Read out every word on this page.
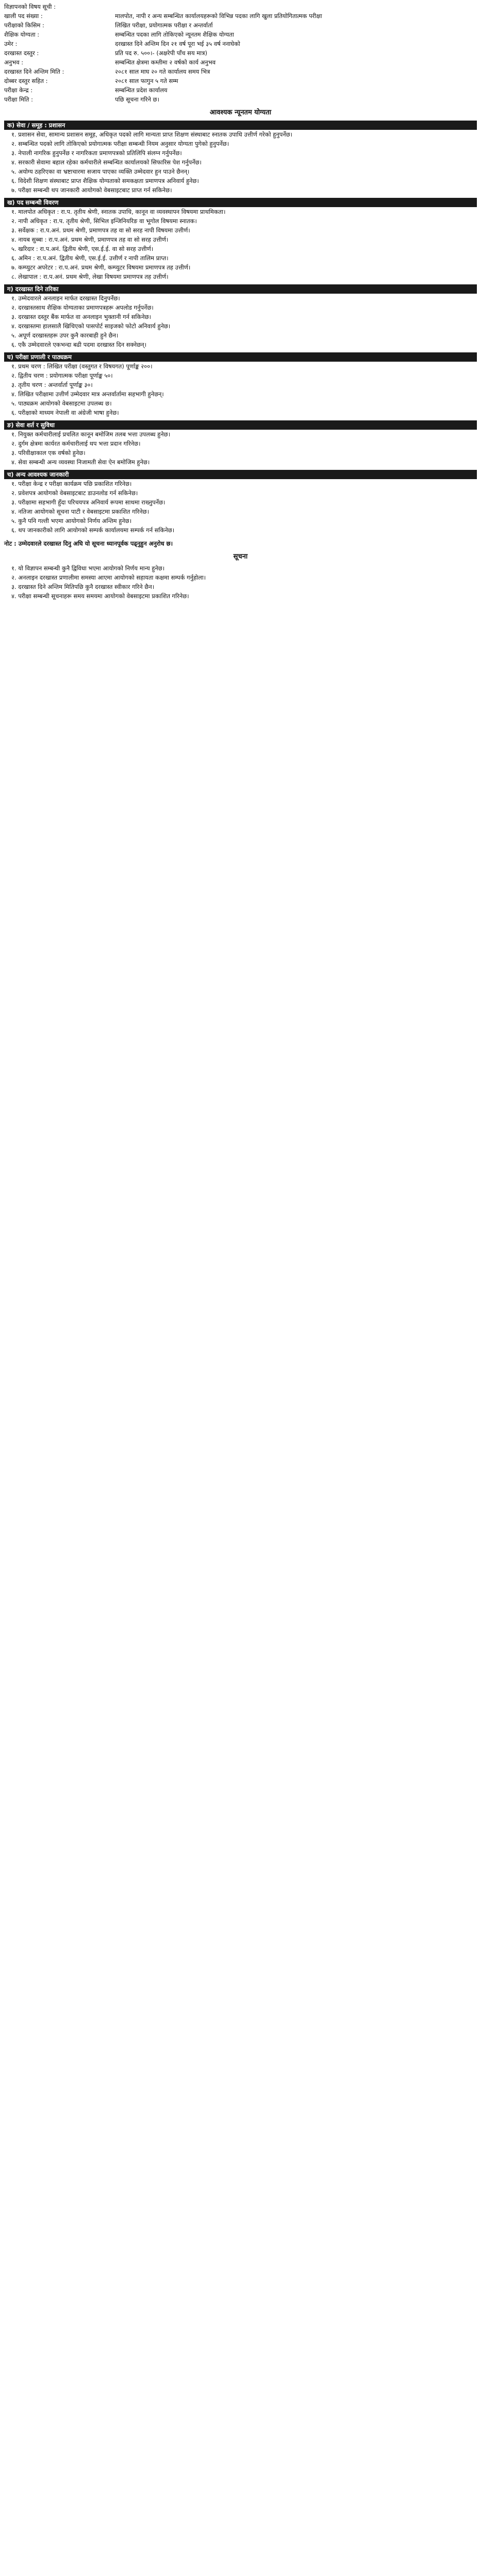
विज्ञापनको विषय सूची :
खाली पद संख्या :	मालपोत, नापी र अन्य सम्बन्धित कार्यालयहरूको विभिन्न पदका लागि खुला प्रतियोगितात्मक परीक्षा
परीक्षाको किसिम :	लिखित परीक्षा, प्रयोगात्मक परीक्षा र अन्तर्वार्ता
शैक्षिक योग्यता :	सम्बन्धित पदका लागि तोकिएको न्यूनतम शैक्षिक योग्यता
उमेर :	दरखास्त दिने अन्तिम दिन २१ वर्ष पूरा भई ३५ वर्ष ननाघेको
दरखास्त दस्तुर :	प्रति पद रु. ५००।- (अक्षरेपी पाँच सय मात्र)
अनुभव :	सम्बन्धित क्षेत्रमा कम्तीमा २ वर्षको कार्य अनुभव
दरखास्त दिने अन्तिम मिति :	२०८१ साल माघ २० गते कार्यालय समय भित्र
दोब्बर दस्तुर सहित :	२०८१ साल फागुन ५ गते सम्म
परीक्षा केन्द्र :	सम्बन्धित प्रदेश कार्यालय
परीक्षा मिति :	पछि सूचना गरिने छ।
आवश्यक न्यूनतम योग्यता
क) सेवा / समूह : प्रशासन
१. प्रशासन सेवा, सामान्य प्रशासन समूह, अधिकृत पदको लागि मान्यता प्राप्त शिक्षण संस्थाबाट स्नातक उपाधि उत्तीर्ण गरेको हुनुपर्नेछ।
२. सम्बन्धित पदको लागि तोकिएको प्रयोगात्मक परीक्षा सम्बन्धी नियम अनुसार योग्यता पुगेको हुनुपर्नेछ।
३. नेपाली नागरिक हुनुपर्नेछ र नागरिकता प्रमाणपत्रको प्रतिलिपि संलग्न गर्नुपर्नेछ।
४. सरकारी सेवामा बहाल रहेका कर्मचारीले सम्बन्धित कार्यालयको सिफारिस पेश गर्नुपर्नेछ।
५. अयोग्य ठहरिएका वा भ्रष्टाचारमा सजाय पाएका व्यक्ति उम्मेदवार हुन पाउने छैनन्।
६. विदेशी शिक्षण संस्थाबाट प्राप्त शैक्षिक योग्यताको समकक्षता प्रमाणपत्र अनिवार्य हुनेछ।
७. परीक्षा सम्बन्धी थप जानकारी आयोगको वेबसाइटबाट प्राप्त गर्न सकिनेछ।
ख) पद सम्बन्धी विवरण
१. मालपोत अधिकृत : रा.प. तृतीय श्रेणी, स्नातक उपाधि, कानून वा व्यवस्थापन विषयमा प्राथमिकता।
२. नापी अधिकृत : रा.प. तृतीय श्रेणी, सिभिल इन्जिनियरिङ वा भूगोल विषयमा स्नातक।
३. सर्वेक्षक : रा.प.अनं. प्रथम श्रेणी, प्रमाणपत्र तह वा सो सरह नापी विषयमा उत्तीर्ण।
४. नायब सुब्बा : रा.प.अनं. प्रथम श्रेणी, प्रमाणपत्र तह वा सो सरह उत्तीर्ण।
५. खरिदार : रा.प.अनं. द्वितीय श्रेणी, एस.ई.ई. वा सो सरह उत्तीर्ण।
६. अमिन : रा.प.अनं. द्वितीय श्रेणी, एस.ई.ई. उत्तीर्ण र नापी तालिम प्राप्त।
७. कम्प्युटर अपरेटर : रा.प.अनं. प्रथम श्रेणी, कम्प्युटर विषयमा प्रमाणपत्र तह उत्तीर्ण।
८. लेखापाल : रा.प.अनं. प्रथम श्रेणी, लेखा विषयमा प्रमाणपत्र तह उत्तीर्ण।
ग) दरखास्त दिने तरिका
१. उम्मेदवारले अनलाइन मार्फत दरखास्त दिनुपर्नेछ।
२. दरखास्तसाथ शैक्षिक योग्यताका प्रमाणपत्रहरू अपलोड गर्नुपर्नेछ।
३. दरखास्त दस्तुर बैंक मार्फत वा अनलाइन भुक्तानी गर्न सकिनेछ।
४. दरखास्तमा हालसालै खिचिएको पासपोर्ट साइजको फोटो अनिवार्य हुनेछ।
५. अपूर्ण दरखास्तहरू उपर कुनै कारबाही हुने छैन।
६. एकै उम्मेदवारले एकभन्दा बढी पदमा दरखास्त दिन सक्नेछन्।
घ) परीक्षा प्रणाली र पाठ्यक्रम
१. प्रथम चरण : लिखित परीक्षा (वस्तुगत र विषयगत) पूर्णाङ्क २००।
२. द्वितीय चरण : प्रयोगात्मक परीक्षा पूर्णाङ्क ५०।
३. तृतीय चरण : अन्तर्वार्ता पूर्णाङ्क ३०।
४. लिखित परीक्षामा उत्तीर्ण उम्मेदवार मात्र अन्तर्वार्तामा सहभागी हुनेछन्।
५. पाठ्यक्रम आयोगको वेबसाइटमा उपलब्ध छ।
६. परीक्षाको माध्यम नेपाली वा अंग्रेजी भाषा हुनेछ।
ङ) सेवा शर्त र सुविधा
१. नियुक्त कर्मचारीलाई प्रचलित कानून बमोजिम तलब भत्ता उपलब्ध हुनेछ।
२. दुर्गम क्षेत्रमा कार्यरत कर्मचारीलाई थप भत्ता प्रदान गरिनेछ।
३. परिवीक्षाकाल एक वर्षको हुनेछ।
४. सेवा सम्बन्धी अन्य व्यवस्था निजामती सेवा ऐन बमोजिम हुनेछ।
च) अन्य आवश्यक जानकारी
१. परीक्षा केन्द्र र परीक्षा कार्यक्रम पछि प्रकाशित गरिनेछ।
२. प्रवेशपत्र आयोगको वेबसाइटबाट डाउनलोड गर्न सकिनेछ।
३. परीक्षामा सहभागी हुँदा परिचयपत्र अनिवार्य रूपमा साथमा राख्नुपर्नेछ।
४. नतिजा आयोगको सूचना पाटी र वेबसाइटमा प्रकाशित गरिनेछ।
५. कुनै पनि गल्ती भएमा आयोगको निर्णय अन्तिम हुनेछ।
६. थप जानकारीको लागि आयोगको सम्पर्क कार्यालयमा सम्पर्क गर्न सकिनेछ।
नोट : उम्मेदवारले दरखास्त दिनु अघि यो सूचना ध्यानपूर्वक पढ्नुहुन अनुरोध छ।
सूचना
१. यो विज्ञापन सम्बन्धी कुनै द्विविधा भएमा आयोगको निर्णय मान्य हुनेछ।
२. अनलाइन दरखास्त प्रणालीमा समस्या आएमा आयोगको सहायता कक्षमा सम्पर्क गर्नुहोला।
३. दरखास्त दिने अन्तिम मितिपछि कुनै दरखास्त स्वीकार गरिने छैन।
४. परीक्षा सम्बन्धी सूचनाहरू समय समयमा आयोगको वेबसाइटमा प्रकाशित गरिनेछ।
